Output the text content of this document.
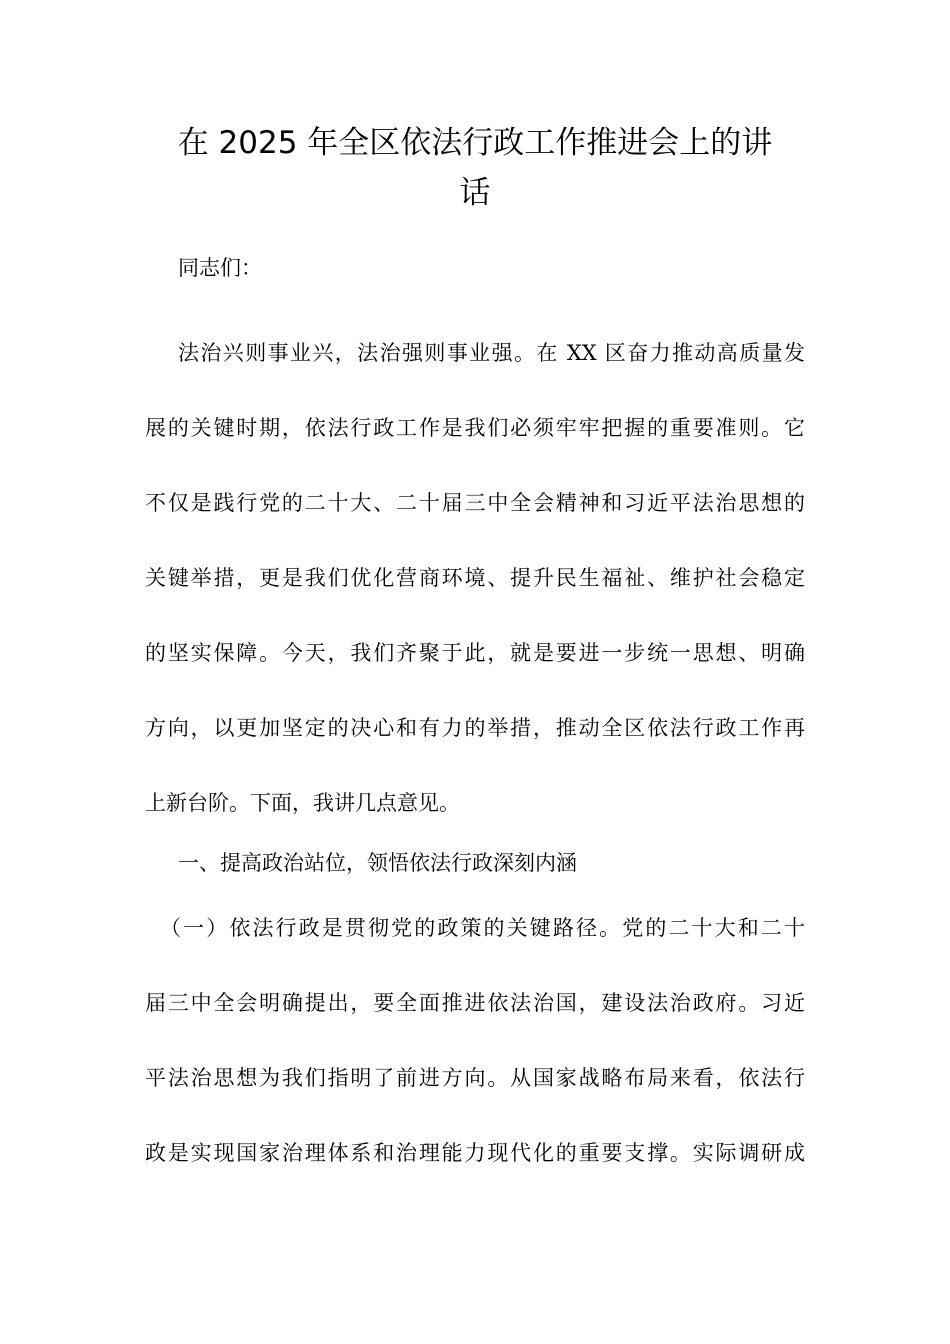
在 2025 年全区依法行政工作推进会上的讲
话
同志们：
法治兴则事业兴，法治强则事业强。在 XX 区奋力推动高质量发
展的关键时期，依法行政工作是我们必须牢牢把握的重要准则。它
不仅是践行党的二十大、二十届三中全会精神和习近平法治思想的
关键举措，更是我们优化营商环境、提升民生福祉、维护社会稳定
的坚实保障。今天，我们齐聚于此，就是要进一步统一思想、明确
方向，以更加坚定的决心和有力的举措，推动全区依法行政工作再
上新台阶。下面，我讲几点意见。
一、提高政治站位，领悟依法行政深刻内涵
（一）依法行政是贯彻党的政策的关键路径。党的二十大和二十
届三中全会明确提出，要全面推进依法治国，建设法治政府。习近
平法治思想为我们指明了前进方向。从国家战略布局来看，依法行
政是实现国家治理体系和治理能力现代化的重要支撑。实际调研成
